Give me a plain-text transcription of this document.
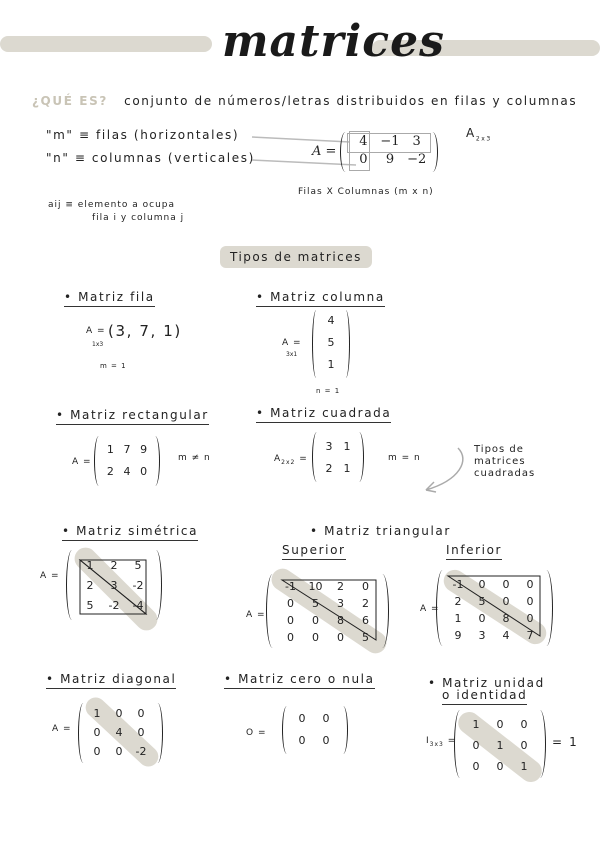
matrices
¿QUÉ ES? conjunto de números/letras distribuidos en filas y columnas
"m" ≡ filas (horizontales)
"n" ≡ columnas (verticales)	A =
4 −1 3
0	9 −2
$A_{2x3}$
Filas X Columnas (m x n)
aij ≡ elemento a ocupa
fila i y columna j
Tipos de matrices
• Matriz fila
A =
1x3
(3, 7, 1)
m = 1
• Matriz columna
A =
3x1
4
5
1
n = 1
• Matriz rectangular
A =
1 7 9
2 4 0
m ≠ n
• Matriz cuadrada
$A_{2x2}$ =
3	1
2	1
m = n
Tipos de
matrices
cuadradas
• Matriz simétrica
A =
1	2	5
2	3	-2
5	-2	-4
• Matriz triangular
Superior	Inferior
A =
-1	10	2	0
0	5	3	2
0	0	8	6
0	0	0	5
A =
-1	0	0	0
2	5	0	0
1	0	8	0
9	3	4	7
• Matriz diagonal
A =
1	0	0
0	4	0
0	0	-2
• Matriz cero o nula
O =
0	0
0	0
• Matriz unidad
o identidad
$I_{3x3}$ =
1	0	0
0	1	0
0	0	1
= 1
